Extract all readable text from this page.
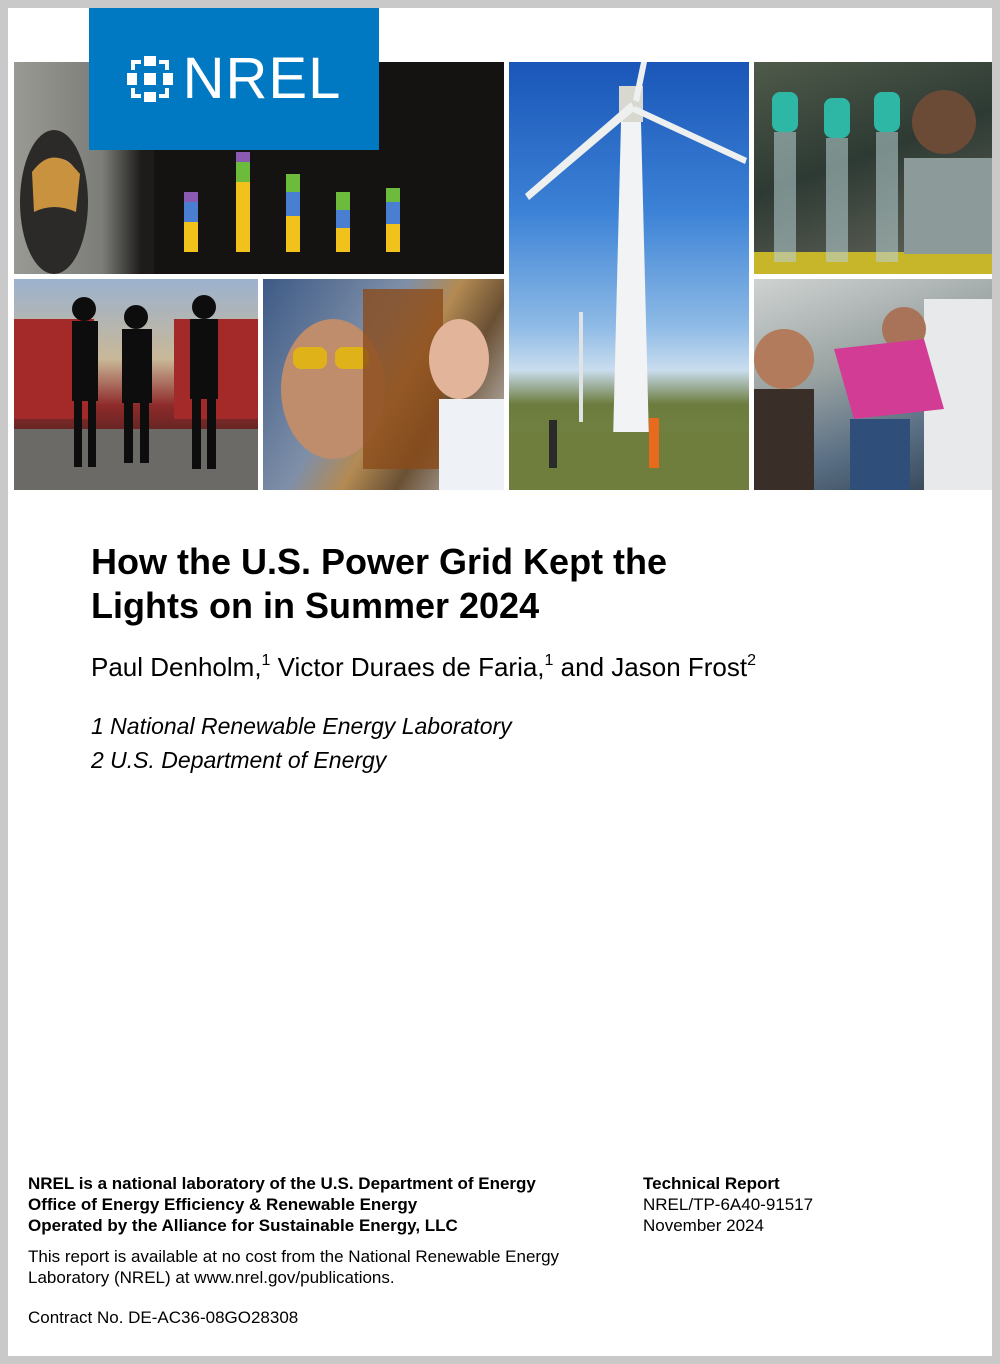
NREL
How the U.S. Power Grid Kept the
Lights on in Summer 2024
Paul Denholm,$^1$ Victor Duraes de Faria,$^1$ and Jason Frost$^2$
1 National Renewable Energy Laboratory
2 U.S. Department of Energy
NREL is a national laboratory of the U.S. Department of Energy
Office of Energy Efficiency & Renewable Energy
Operated by the Alliance for Sustainable Energy, LLC
This report is available at no cost from the National Renewable Energy
Laboratory (NREL) at www.nrel.gov/publications.
Contract No. DE-AC36-08GO28308
Technical Report
NREL/TP-6A40-91517
November 2024
